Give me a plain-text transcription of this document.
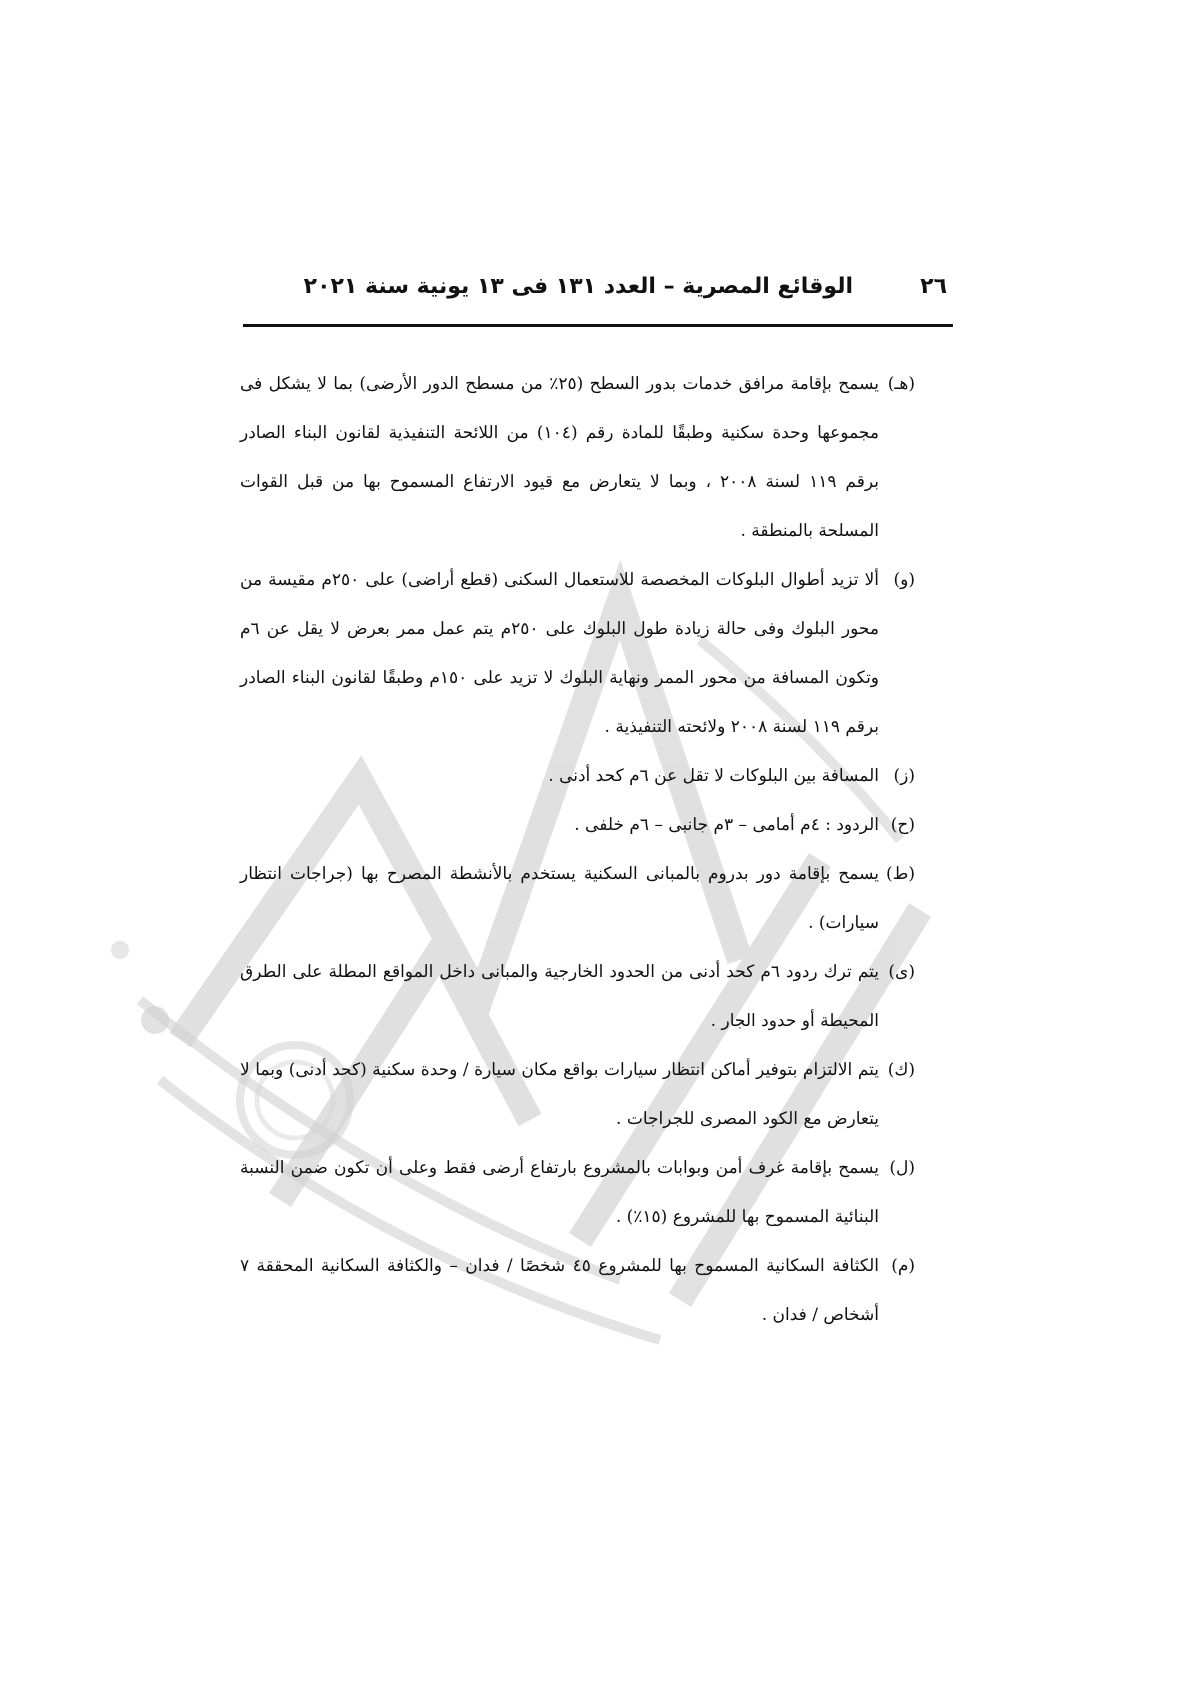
٢٦
الوقائع المصرية – العدد ١٣١ فى ١٣ يونية سنة ٢٠٢١
(هـ)
يسمح بإقامة مرافق خدمات بدور السطح (٢٥٪ من مسطح الدور الأرضى) بما لا يشكل فى مجموعها وحدة سكنية وطبقًا للمادة رقم (١٠٤) من اللائحة التنفيذية لقانون البناء الصادر برقم ١١٩ لسنة ٢٠٠٨ ، وبما لا يتعارض مع قيود الارتفاع المسموح بها من قبل القوات المسلحة بالمنطقة .
(و)
ألا تزيد أطوال البلوكات المخصصة للاستعمال السكنى (قطع أراضى) على ٢٥٠م مقيسة من محور البلوك وفى حالة زيادة طول البلوك على ٢٥٠م يتم عمل ممر بعرض لا يقل عن ٦م وتكون المسافة من محور الممر ونهاية البلوك لا تزيد على ١٥٠م وطبقًا لقانون البناء الصادر برقم ١١٩ لسنة ٢٠٠٨ ولائحته التنفيذية .
(ز)
المسافة بين البلوكات لا تقل عن ٦م كحد أدنى .
(ح)
الردود : ٤م أمامى – ٣م جانبى – ٦م خلفى .
(ط)
يسمح بإقامة دور بدروم بالمبانى السكنية يستخدم بالأنشطة المصرح بها (جراجات انتظار سيارات) .
(ى)
يتم ترك ردود ٦م كحد أدنى من الحدود الخارجية والمبانى داخل المواقع المطلة على الطرق المحيطة أو حدود الجار .
(ك)
يتم الالتزام بتوفير أماكن انتظار سيارات بواقع مكان سيارة / وحدة سكنية (كحد أدنى) وبما لا يتعارض مع الكود المصرى للجراجات .
(ل)
يسمح بإقامة غرف أمن وبوابات بالمشروع بارتفاع أرضى فقط وعلى أن تكون ضمن النسبة البنائية المسموح بها للمشروع (١٥٪) .
(م)
الكثافة السكانية المسموح بها للمشروع ٤٥ شخصًا / فدان – والكثافة السكانية المحققة ٧ أشخاص / فدان .
